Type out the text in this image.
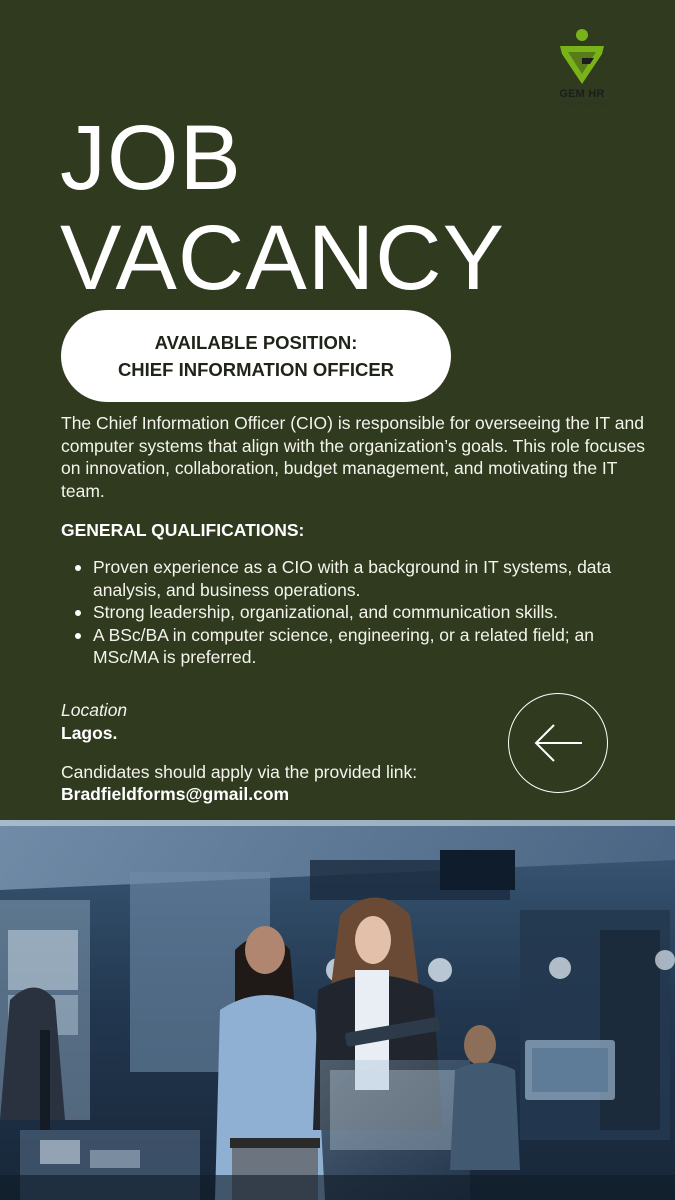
GEM HR
& CONSULTING SERVICES
JOB
VACANCY
AVAILABLE POSITION:
CHIEF INFORMATION OFFICER

The Chief Information Officer (CIO) is responsible for overseeing the IT and computer systems that align with the organization’s goals. This role focuses on innovation, collaboration, budget management, and motivating the IT team.

GENERAL QUALIFICATIONS:
Proven experience as a CIO with a background in IT systems, data analysis, and business operations.
Strong leadership, organizational, and communication skills.
A BSc/BA in computer science, engineering, or a related field; an MSc/MA is preferred.
Location
Lagos.
Candidates should apply via the provided link:
Bradfieldforms@gmail.com
